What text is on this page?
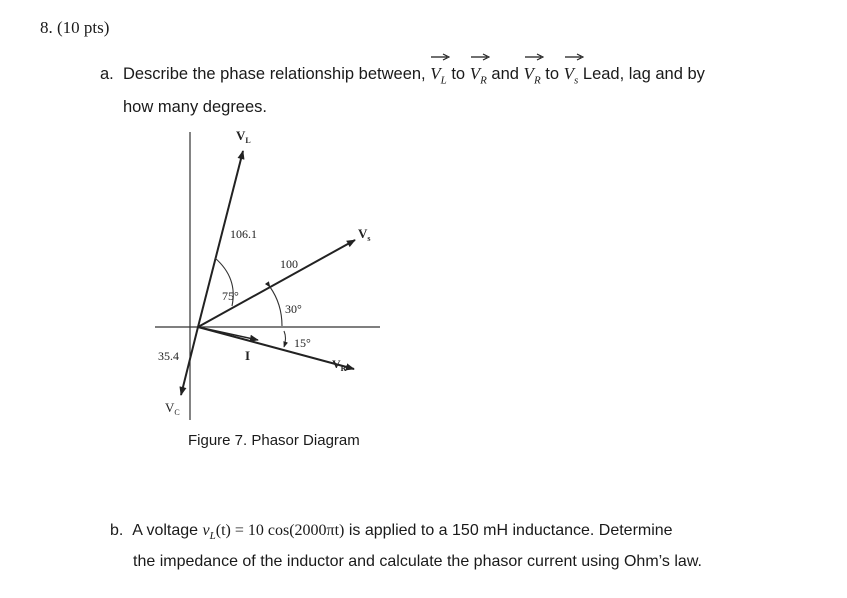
8. (10 pts)
a. Describe the phase relationship between, $V_L$ to $V_R$ and $V_R$ to $V_s$ Lead, lag and by
how many degrees.
$V_L$
$V_s$
$V_R$
$V_C$
I
106.1
100
35.4
75°
30°
15°
Figure 7. Phasor Diagram
b. A voltage $v_L(t) = 10$ cos(2000πt) is applied to a 150 mH inductance. Determine
the impedance of the inductor and calculate the phasor current using Ohm’s law.
